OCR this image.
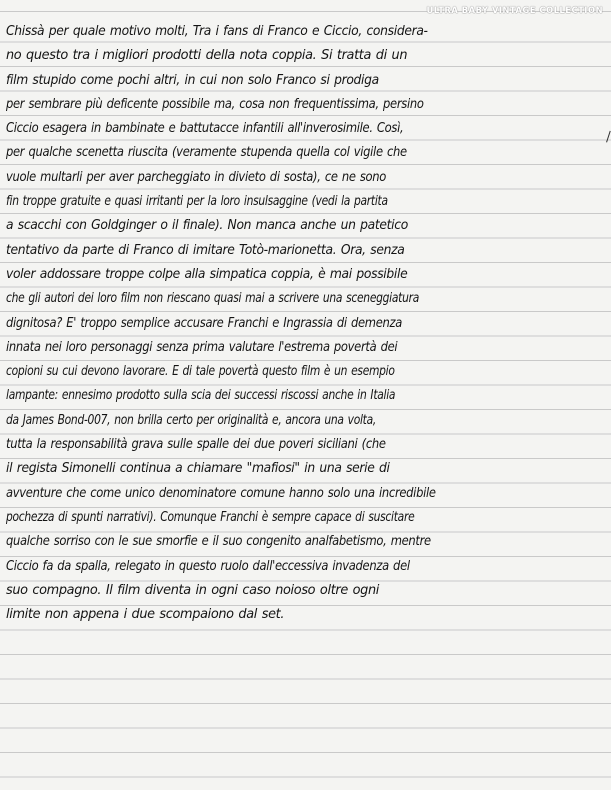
ULTRA BABY VINTAGE COLLECTION
Chissà per quale motivo molti, Tra i fans di Franco e Ciccio, considera-
no questo tra i migliori prodotti della nota coppia. Si tratta di un
film stupido come pochi altri, in cui non solo Franco si prodiga
per sembrare più deficente possibile ma, cosa non frequentissima, persino
Ciccio esagera in bambinate e battutacce infantili all'inverosimile. Così,
per qualche scenetta riuscita (veramente stupenda quella col vigile che
vuole multarli per aver parcheggiato in divieto di sosta), ce ne sono
fin troppe gratuite e quasi irritanti per la loro insulsaggine (vedi la partita
a scacchi con Goldginger o il finale). Non manca anche un patetico
tentativo da parte di Franco di imitare Totò-marionetta. Ora, senza
voler addossare troppe colpe alla simpatica coppia, è mai possibile
che gli autori dei loro film non riescano quasi mai a scrivere una sceneggiatura
dignitosa? E' troppo semplice accusare Franchi e Ingrassia di demenza
innata nei loro personaggi senza prima valutare l'estrema povertà dei
copioni su cui devono lavorare. E di tale povertà questo film è un esempio
lampante: ennesimo prodotto sulla scia dei successi riscossi anche in Italia
da James Bond-007, non brilla certo per originalità e, ancora una volta,
tutta la responsabilità grava sulle spalle dei due poveri siciliani (che
il regista Simonelli continua a chiamare "mafiosi" in una serie di
avventure che come unico denominatore comune hanno solo una incredibile
pochezza di spunti narrativi). Comunque Franchi è sempre capace di suscitare
qualche sorriso con le sue smorfie e il suo congenito analfabetismo, mentre
Ciccio fa da spalla, relegato in questo ruolo dall'eccessiva invadenza del
suo compagno. Il film diventa in ogni caso noioso oltre ogni
limite non appena i due scompaiono dal set.
